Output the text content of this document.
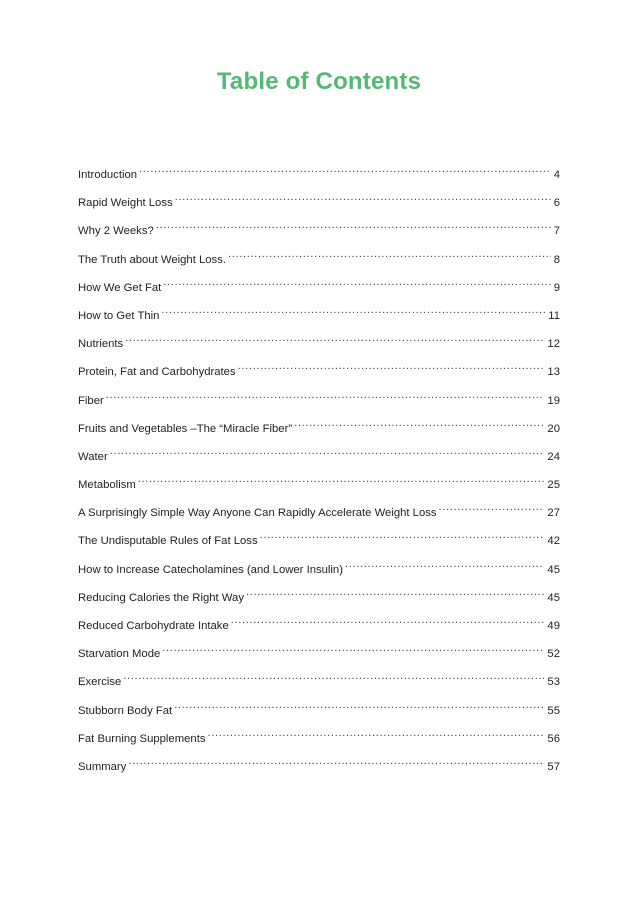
Table of Contents
Introduction .....	4
Rapid Weight Loss .....	6
Why 2 Weeks? .....	7
The Truth about Weight Loss. .....	8
How We Get Fat .....	9
How to Get Thin .....	11
Nutrients .....	12
Protein, Fat and Carbohydrates .....	13
Fiber .....	19
Fruits and Vegetables –The “Miracle Fiber” .....	20
Water .....	24
Metabolism .....	25
A Surprisingly Simple Way Anyone Can Rapidly Accelerate Weight Loss .....	27
The Undisputable Rules of Fat Loss .....	42
How to Increase Catecholamines (and Lower Insulin) .....	45
Reducing Calories the Right Way .....	45
Reduced Carbohydrate Intake .....	49
Starvation Mode .....	52
Exercise .....	53
Stubborn Body Fat .....	55
Fat Burning Supplements .....	56
Summary .....	57
